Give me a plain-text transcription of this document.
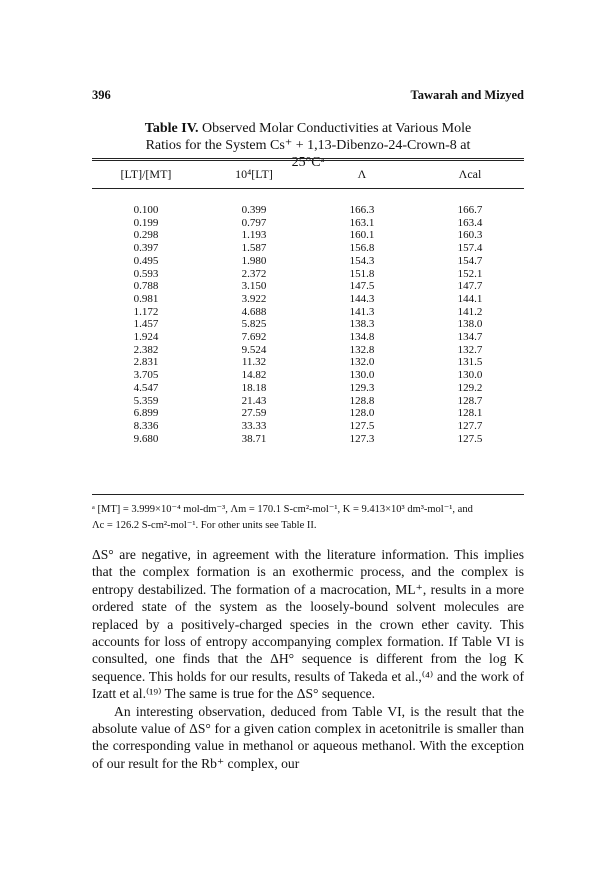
396	Tawarah and Mizyed
Table IV. Observed Molar Conductivities at Various Mole Ratios for the System Cs⁺ + 1,13-Dibenzo-24-Crown-8 at 25°Cᵃ
[LT]/[MT]	10⁴[LT]	Λ	Λcal
0.100	0.399	166.3	166.7
0.199	0.797	163.1	163.4
0.298	1.193	160.1	160.3
0.397	1.587	156.8	157.4
0.495	1.980	154.3	154.7
0.593	2.372	151.8	152.1
0.788	3.150	147.5	147.7
0.981	3.922	144.3	144.1
1.172	4.688	141.3	141.2
1.457	5.825	138.3	138.0
1.924	7.692	134.8	134.7
2.382	9.524	132.8	132.7
2.831	11.32	132.0	131.5
3.705	14.82	130.0	130.0
4.547	18.18	129.3	129.2
5.359	21.43	128.8	128.7
6.899	27.59	128.0	128.1
8.336	33.33	127.5	127.7
9.680	38.71	127.3	127.5
ᵃ [MT] = 3.999×10⁻⁴ mol-dm⁻³, Λm = 170.1 S-cm²-mol⁻¹, K = 9.413×10³ dm³-mol⁻¹, and
Λc = 126.2 S-cm²-mol⁻¹. For other units see Table II.

ΔS° are negative, in agreement with the literature information. This implies that the complex formation is an exothermic process, and the complex is entropy destabilized. The formation of a macrocation, ML⁺, results in a more ordered state of the system as the loosely-bound solvent molecules are replaced by a positively-charged species in the crown ether cavity. This accounts for loss of entropy accompanying complex formation. If Table VI is consulted, one finds that the ΔH° sequence is different from the log K sequence. This holds for our results, results of Takeda et al.,⁽⁴⁾ and the work of Izatt et al.⁽¹⁹⁾ The same is true for the ΔS° sequence.

An interesting observation, deduced from Table VI, is the result that the absolute value of ΔS° for a given cation complex in acetonitrile is smaller than the corresponding value in methanol or aqueous methanol. With the exception of our result for the Rb⁺ complex, our
